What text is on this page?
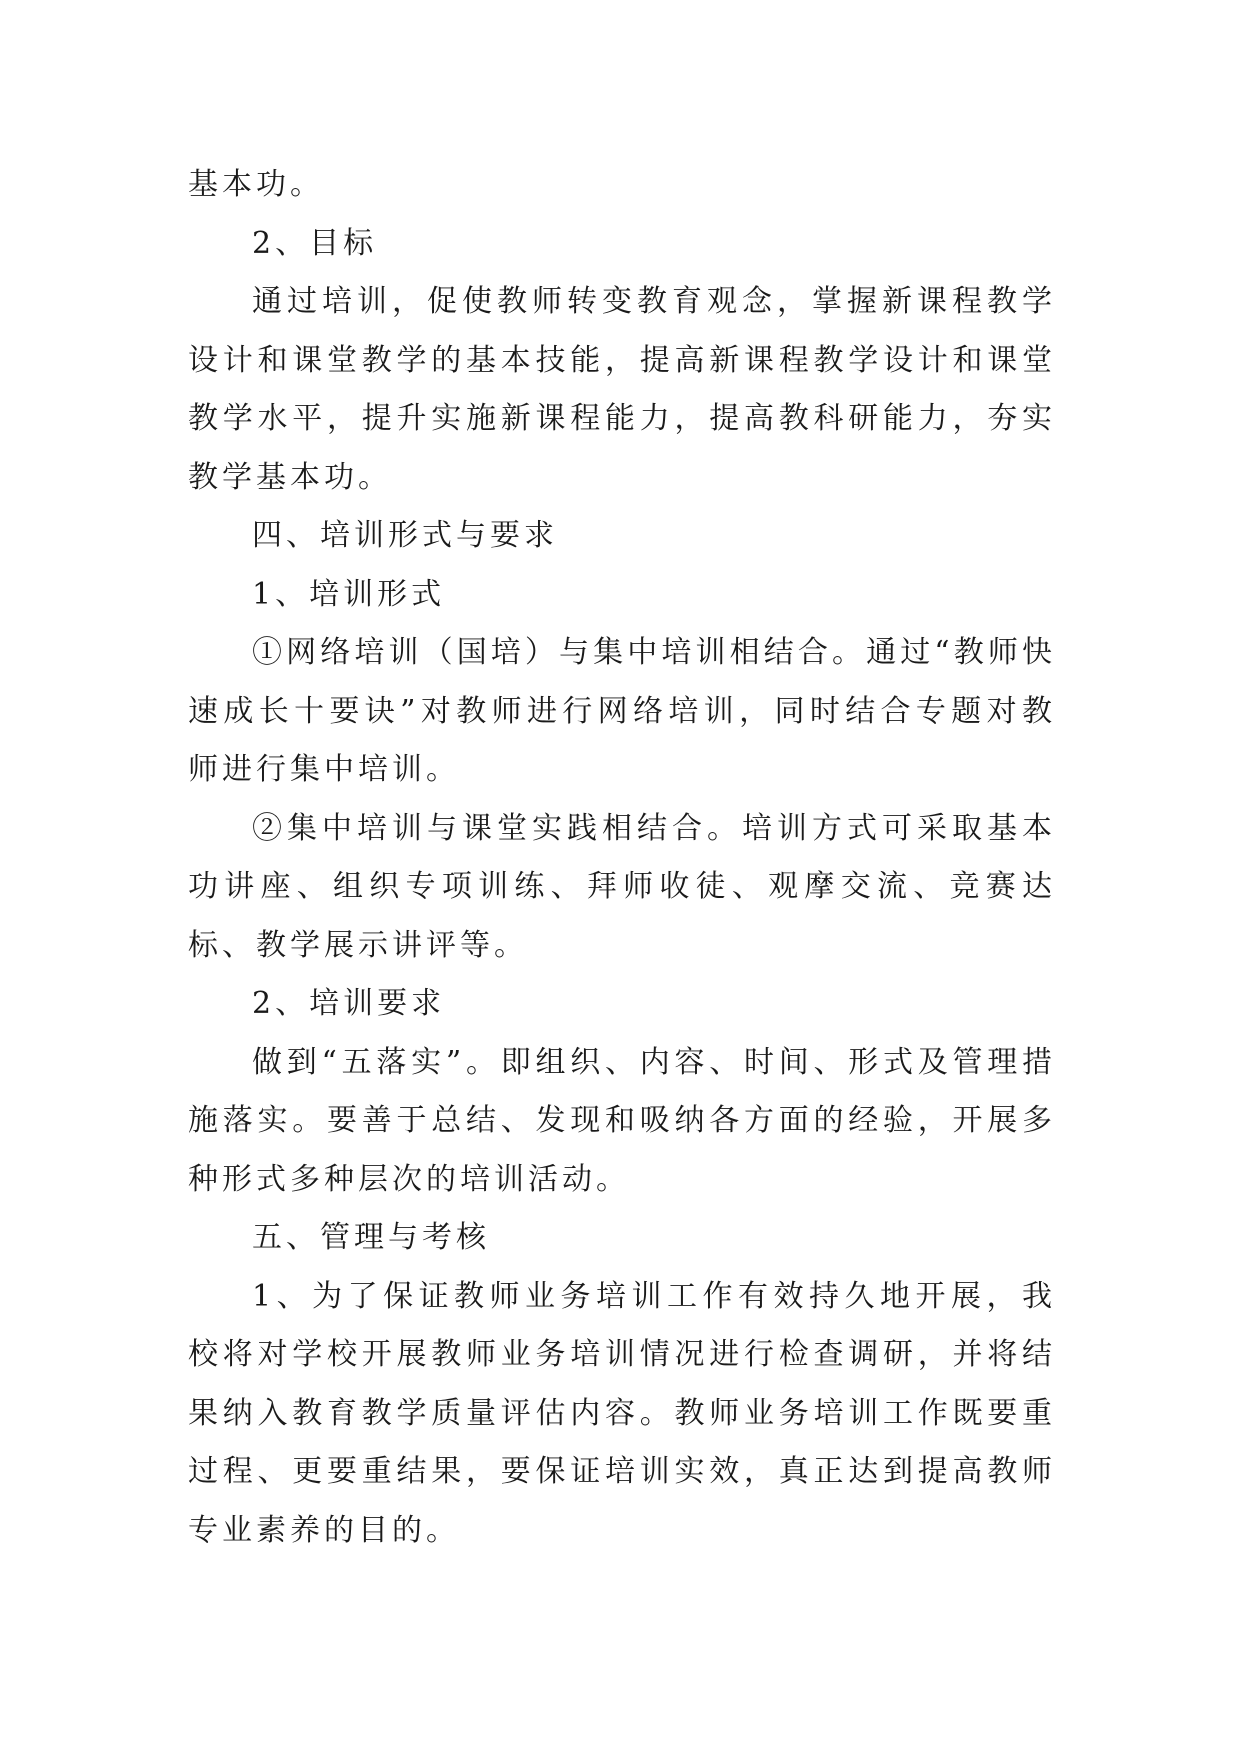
基本功。

2、目标

通过培训，促使教师转变教育观念，掌握新课程教学设计和课堂教学的基本技能，提高新课程教学设计和课堂教学水平，提升实施新课程能力，提高教科研能力，夯实教学基本功。

四、培训形式与要求

1、培训形式

①网络培训（国培）与集中培训相结合。通过“教师快速成长十要诀”对教师进行网络培训，同时结合专题对教师进行集中培训。

②集中培训与课堂实践相结合。培训方式可采取基本功讲座、组织专项训练、拜师收徒、观摩交流、竞赛达标、教学展示讲评等。

2、培训要求

做到“五落实”。即组织、内容、时间、形式及管理措施落实。要善于总结、发现和吸纳各方面的经验，开展多种形式多种层次的培训活动。

五、管理与考核

1、为了保证教师业务培训工作有效持久地开展，我校将对学校开展教师业务培训情况进行检查调研，并将结果纳入教育教学质量评估内容。教师业务培训工作既要重过程、更要重结果，要保证培训实效，真正达到提高教师专业素养的目的。
